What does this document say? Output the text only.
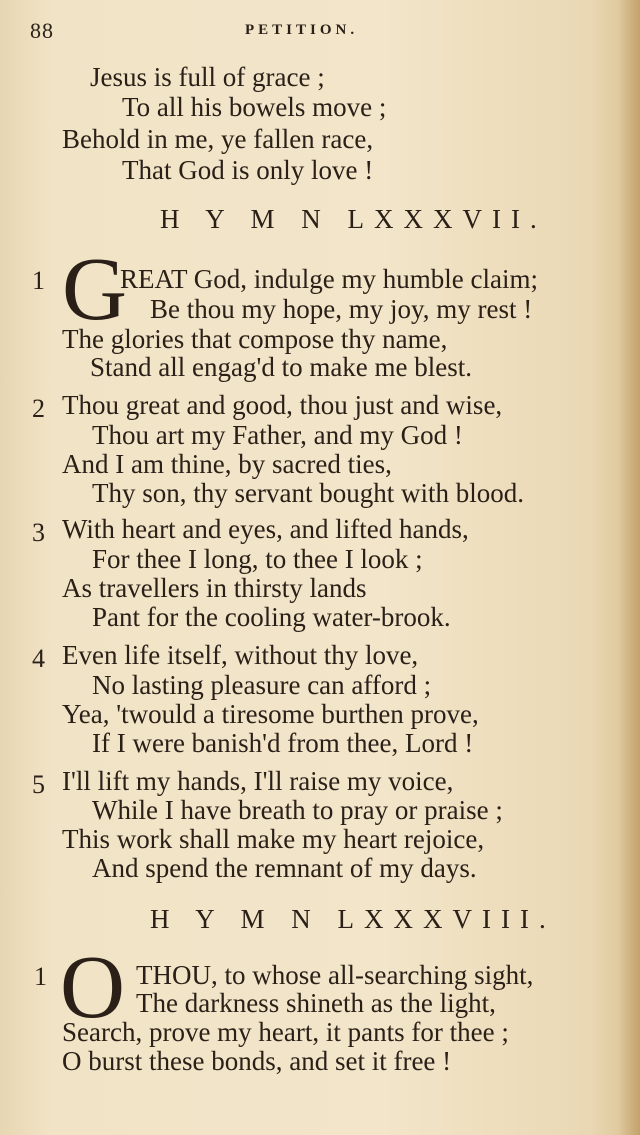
88	PETITION.
Jesus is full of grace ;
To all his bowels move ;
Behold in me, ye fallen race,
That God is only love !
H Y M N LXXXVII.
1 G
REAT God, indulge my humble claim;
Be thou my hope, my joy, my rest !
The glories that compose thy name,
Stand all engag'd to make me blest.
2 Thou great and good, thou just and wise,
Thou art my Father, and my God !
And I am thine, by sacred ties,
Thy son, thy servant bought with blood.
3 With heart and eyes, and lifted hands,
For thee I long, to thee I look ;
As travellers in thirsty lands
Pant for the cooling water-brook.
4 Even life itself, without thy love,
No lasting pleasure can afford ;
Yea, 'twould a tiresome burthen prove,
If I were banish'd from thee, Lord !
5 I'll lift my hands, I'll raise my voice,
While I have breath to pray or praise ;
This work shall make my heart rejoice,
And spend the remnant of my days.
H Y M N LXXXVIII.
1 O THOU, to whose all-searching sight,
The darkness shineth as the light,
Search, prove my heart, it pants for thee ;
O burst these bonds, and set it free !
